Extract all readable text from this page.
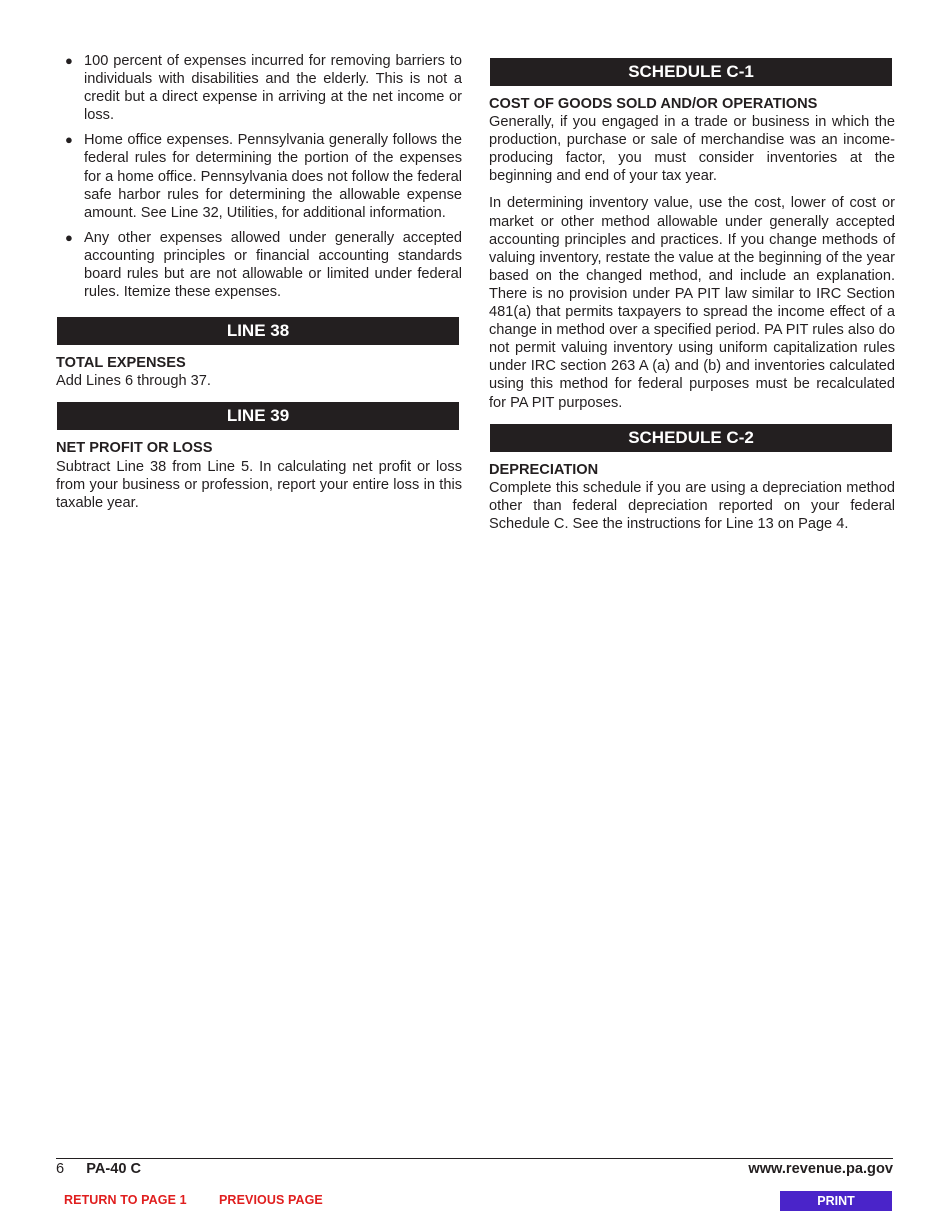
● 100 percent of expenses incurred for removing barriers to individuals with disabilities and the elderly. This is not a credit but a direct expense in arriving at the net income or loss.
● Home office expenses. Pennsylvania generally follows the federal rules for determining the portion of the expenses for a home office. Pennsylvania does not follow the federal safe harbor rules for determining the allowable expense amount. See Line 32, Utilities, for additional information.
● Any other expenses allowed under generally accepted accounting principles or financial accounting standards board rules but are not allowable or limited under federal rules. Itemize these expenses.
LINE 38
TOTAL EXPENSES

Add Lines 6 through 37.

LINE 39
NET PROFIT OR LOSS

Subtract Line 38 from Line 5. In calculating net profit or loss from your business or profession, report your entire loss in this taxable year.

SCHEDULE C-1
COST OF GOODS SOLD AND/OR OPERATIONS

Generally, if you engaged in a trade or business in which the production, purchase or sale of merchandise was an income-producing factor, you must consider inventories at the beginning and end of your tax year.

In determining inventory value, use the cost, lower of cost or market or other method allowable under generally accepted accounting principles and practices. If you change methods of valuing inventory, restate the value at the beginning of the year based on the changed method, and include an explanation. There is no provision under PA PIT law similar to IRC Section 481(a) that permits taxpayers to spread the income effect of a change in method over a specified period. PA PIT rules also do not permit valuing inventory using uniform capitalization rules under IRC section 263 A (a) and (b) and inventories calculated using this method for federal purposes must be recalculated for PA PIT purposes.

SCHEDULE C-2
DEPRECIATION

Complete this schedule if you are using a depreciation method other than federal depreciation reported on your federal Schedule C. See the instructions for Line 13 on Page 4.

6 PA-40 C	www.revenue.pa.gov
RETURN TO PAGE 1	PREVIOUS PAGE	PRINT
